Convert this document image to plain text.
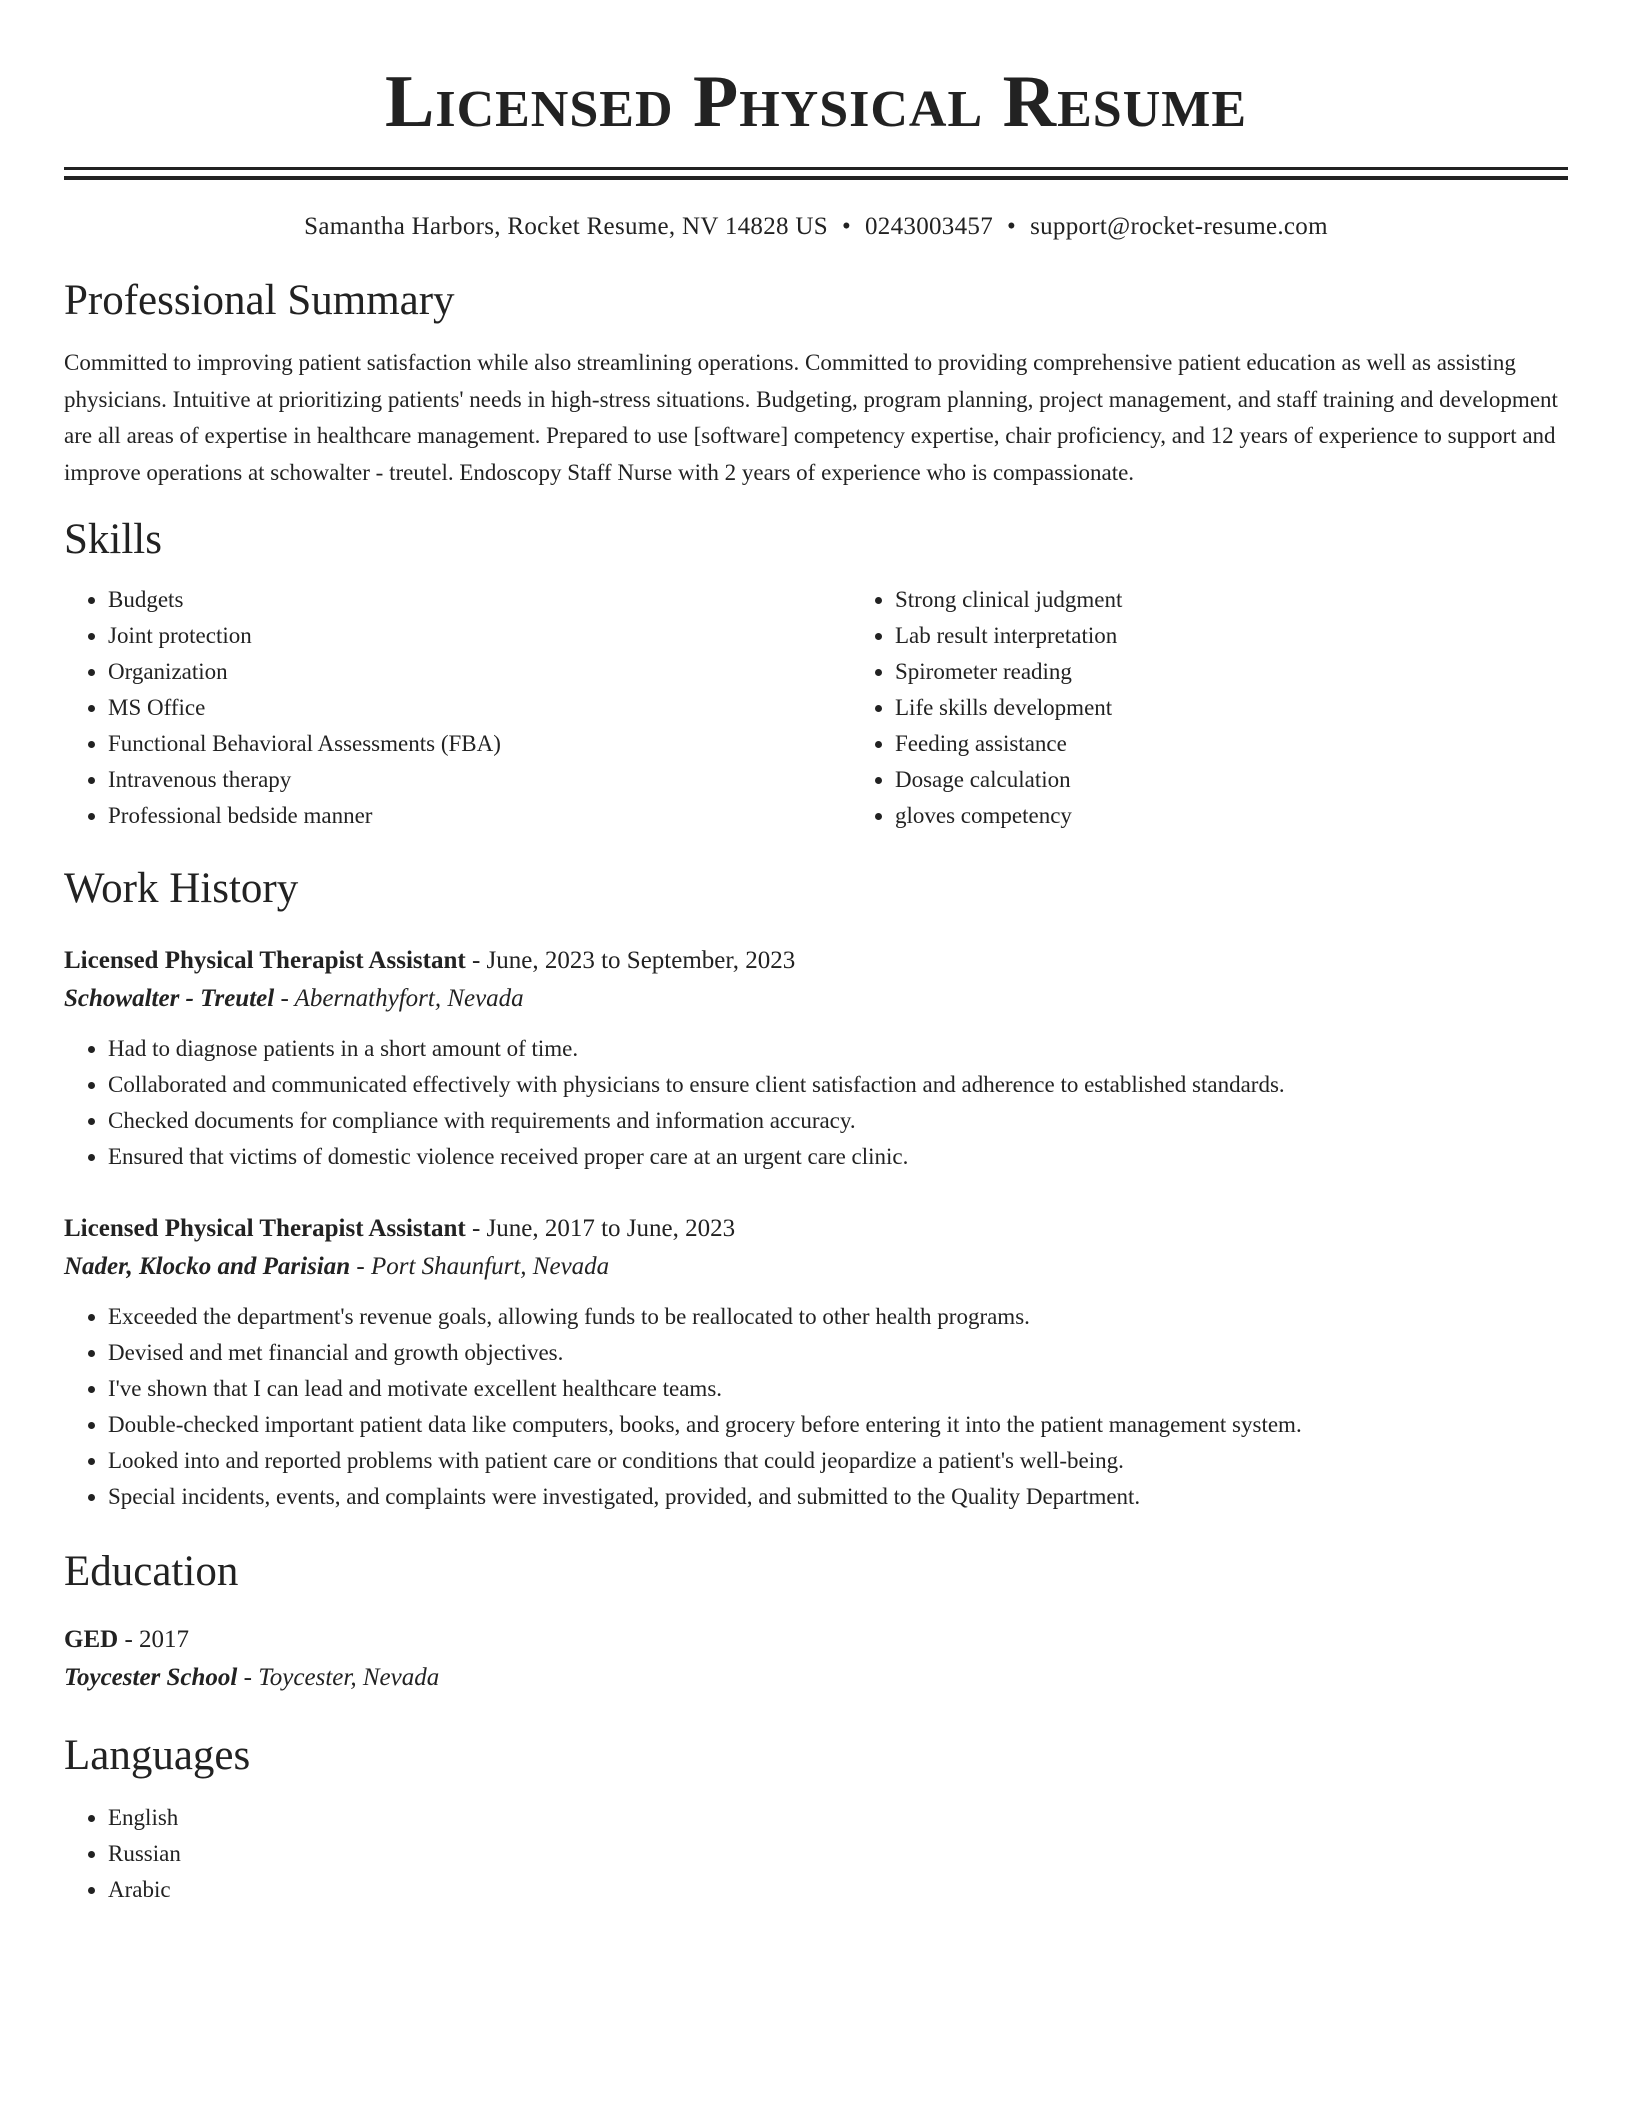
Licensed Physical Resume
Samantha Harbors, Rocket Resume, NV 14828 US • 0243003457 • support@rocket-resume.com
Professional Summary

Committed to improving patient satisfaction while also streamlining operations. Committed to providing comprehensive patient education as well as assisting physicians. Intuitive at prioritizing patients' needs in high-stress situations. Budgeting, program planning, project management, and staff training and development are all areas of expertise in healthcare management. Prepared to use [software] competency expertise, chair proficiency, and 12 years of experience to support and improve operations at schowalter - treutel. Endoscopy Staff Nurse with 2 years of experience who is compassionate.

Skills
• Budgets
• Joint protection
• Organization
• MS Office
• Functional Behavioral Assessments (FBA)
• Intravenous therapy
• Professional bedside manner
• Strong clinical judgment
• Lab result interpretation
• Spirometer reading
• Life skills development
• Feeding assistance
• Dosage calculation
• gloves competency
Work History
Licensed Physical Therapist Assistant - June, 2023 to September, 2023
Schowalter - Treutel - Abernathyfort, Nevada
• Had to diagnose patients in a short amount of time.
• Collaborated and communicated effectively with physicians to ensure client satisfaction and adherence to established standards.
• Checked documents for compliance with requirements and information accuracy.
• Ensured that victims of domestic violence received proper care at an urgent care clinic.
Licensed Physical Therapist Assistant - June, 2017 to June, 2023
Nader, Klocko and Parisian - Port Shaunfurt, Nevada
• Exceeded the department's revenue goals, allowing funds to be reallocated to other health programs.
• Devised and met financial and growth objectives.
• I've shown that I can lead and motivate excellent healthcare teams.
• Double-checked important patient data like computers, books, and grocery before entering it into the patient management system.
• Looked into and reported problems with patient care or conditions that could jeopardize a patient's well-being.
• Special incidents, events, and complaints were investigated, provided, and submitted to the Quality Department.
Education
GED - 2017
Toycester School - Toycester, Nevada
Languages
• English
• Russian
• Arabic
